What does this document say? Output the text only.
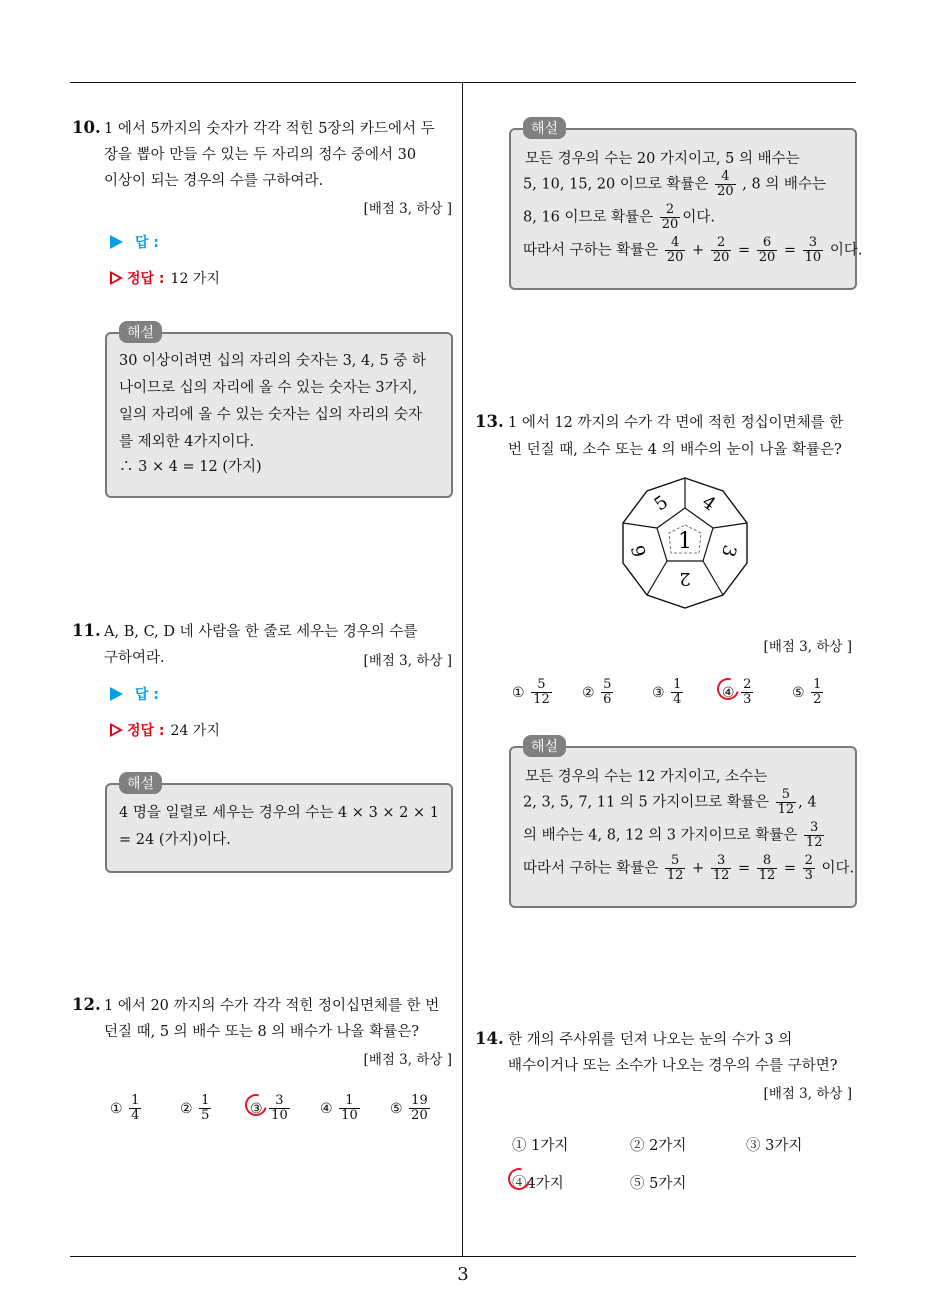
3
10. 1 에서 5까지의 숫자가 각각 적힌 5장의 카드에서 두
장을 뽑아 만들 수 있는 두 자리의 정수 중에서 30
이상이 되는 경우의 수를 구하여라.
[배점 3, 하상 ]
답 :
정답 : 12 가지
해설
30 이상이려면 십의 자리의 숫자는 3, 4, 5 중 하
나이므로 십의 자리에 올 수 있는 숫자는 3가지,
일의 자리에 올 수 있는 숫자는 십의 자리의 숫자
를 제외한 4가지이다.
∴ 3 × 4 = 12 (가지)
11. A, B, C, D 네 사람을 한 줄로 세우는 경우의 수를
구하여라.	[배점 3, 하상 ]
답 :
정답 : 24 가지
해설
4 명을 일렬로 세우는 경우의 수는 4 × 3 × 2 × 1
= 24 (가지)이다.
12. 1 에서 20 까지의 수가 각각 적힌 정이십면체를 한 번
던질 때, 5 의 배수 또는 8 의 배수가 나올 확률은?
[배점 3, 하상 ]
① $\frac{1}{4}$	② $\frac{1}{5}$	③ $\frac{3}{10}$ ④ $\frac{1}{10}$ ⑤ $\frac{19}{20}$
해설
모든 경우의 수는 20 가지이고, 5 의 배수는
5, 10, 15, 20 이므로 확률은 $\frac{4}{20}$ , 8 의 배수는
8, 16 이므로 확률은 $\frac{2}{20}$ 이다.
따라서 구하는 확률은 $\frac{4}{20} + \frac{2}{20} = \frac{6}{20} = \frac{3}{10}$ 이다.
13. 1 에서 12 까지의 수가 각 면에 적힌 정십이면체를 한
번 던질 때, 소수 또는 4 의 배수의 눈이 나올 확률은?
1
5 4
3
2
6
[배점 3, 하상 ]
① $\frac{5}{12}$ ② $\frac{5}{6}$	③ $\frac{1}{4}$	④ $\frac{2}{3}$	⑤ $\frac{1}{2}$
해설
모든 경우의 수는 12 가지이고, 소수는
2, 3, 5, 7, 11 의 5 가지이므로 확률은 $\frac{5}{12}$ , 4
의 배수는 4, 8, 12 의 3 가지이므로 확률은 $\frac{3}{12}$
따라서 구하는 확률은 $\frac{5}{12} + \frac{3}{12} = \frac{8}{12} = \frac{2}{3}$ 이다.
14. 한 개의 주사위를 던져 나오는 눈의 수가 3 의
배수이거나 또는 소수가 나오는 경우의 수를 구하면?
[배점 3, 하상 ]
① 1가지	② 2가지	③ 3가지
④4가지	⑤ 5가지
